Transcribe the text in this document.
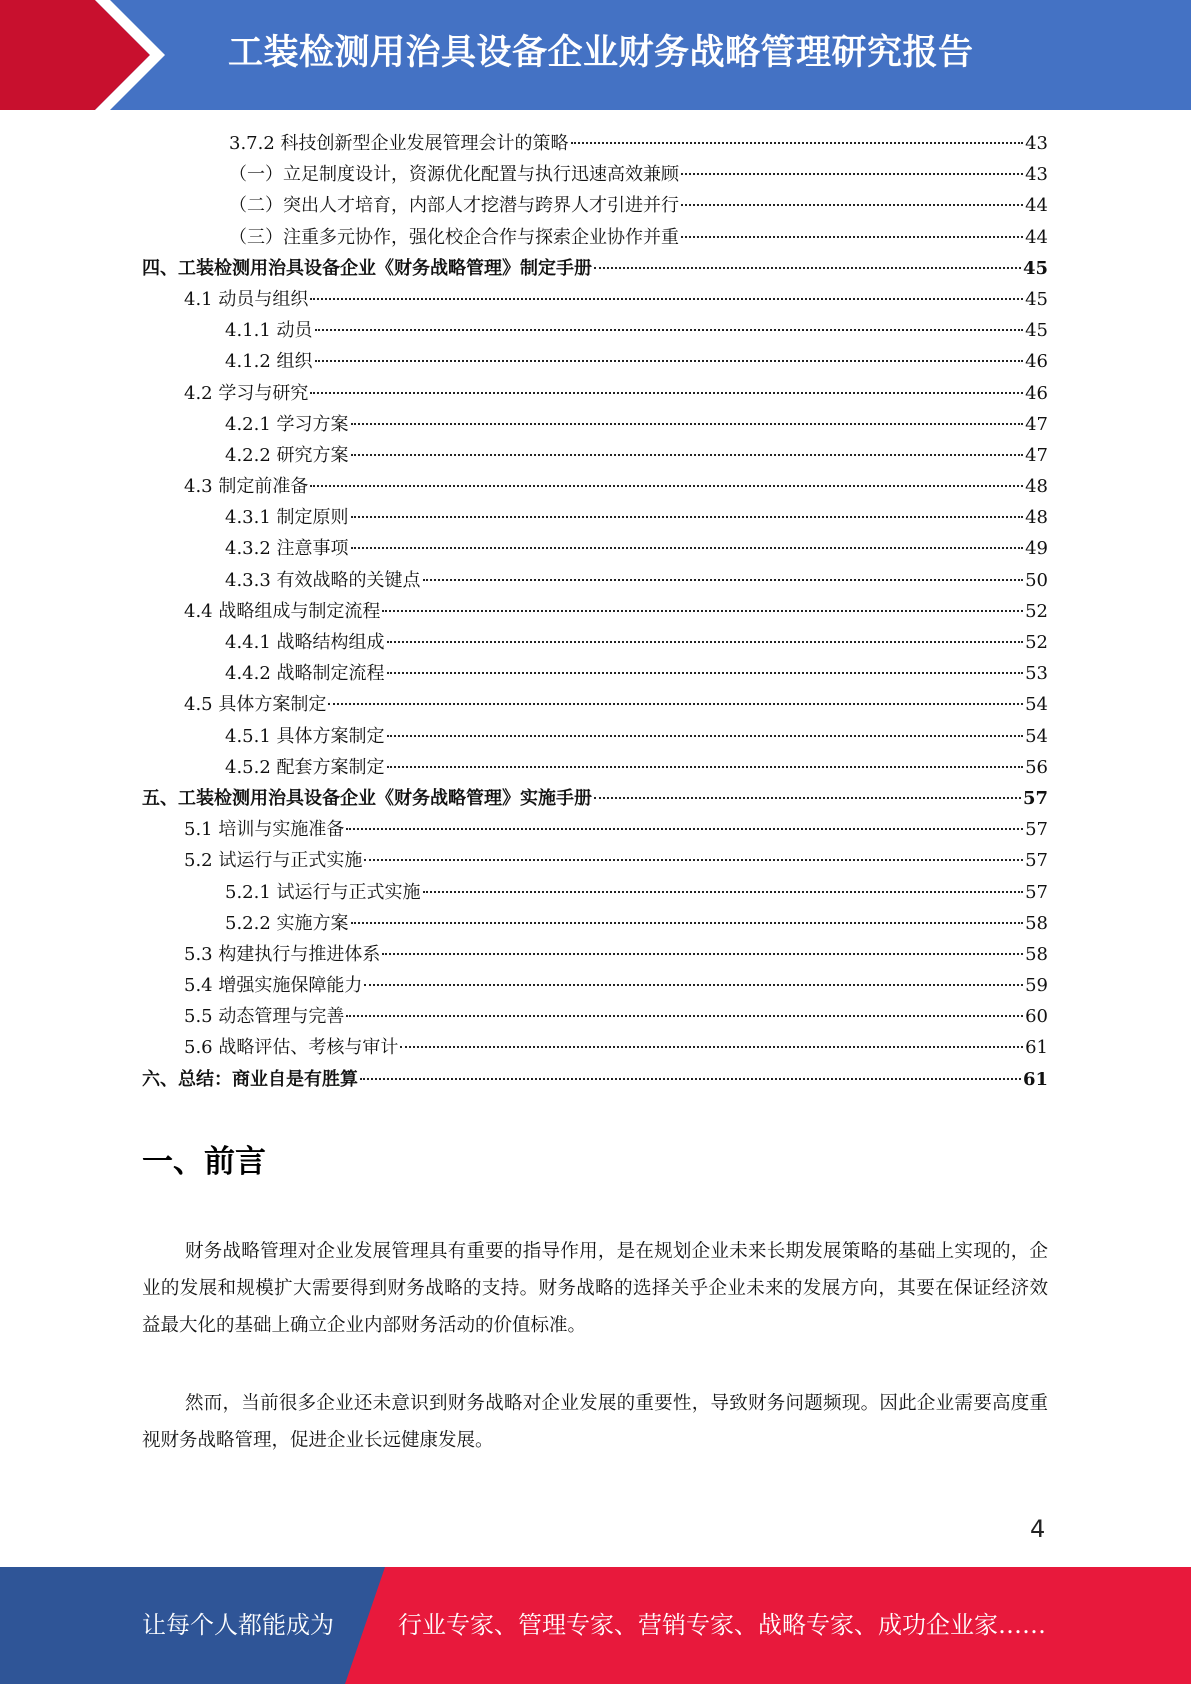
工装检测用治具设备企业财务战略管理研究报告
3.7.2 科技创新型企业发展管理会计的策略	43
（一）立足制度设计，资源优化配置与执行迅速高效兼顾	43
（二）突出人才培育，内部人才挖潜与跨界人才引进并行	44
（三）注重多元协作，强化校企合作与探索企业协作并重	44
四、工装检测用治具设备企业《财务战略管理》制定手册	45
4.1 动员与组织	45
4.1.1 动员	45
4.1.2 组织	46
4.2 学习与研究	46
4.2.1 学习方案	47
4.2.2 研究方案	47
4.3 制定前准备	48
4.3.1 制定原则	48
4.3.2 注意事项	49
4.3.3 有效战略的关键点	50
4.4 战略组成与制定流程	52
4.4.1 战略结构组成	52
4.4.2 战略制定流程	53
4.5 具体方案制定	54
4.5.1 具体方案制定	54
4.5.2 配套方案制定	56
五、工装检测用治具设备企业《财务战略管理》实施手册	57
5.1 培训与实施准备	57
5.2 试运行与正式实施	57
5.2.1 试运行与正式实施	57
5.2.2 实施方案	58
5.3 构建执行与推进体系	58
5.4 增强实施保障能力	59
5.5 动态管理与完善	60
5.6 战略评估、考核与审计	61
六、总结：商业自是有胜算	61
一、前言

财务战略管理对企业发展管理具有重要的指导作用，是在规划企业未来长期发展策略的基础上实现的，企业的发展和规模扩大需要得到财务战略的支持。财务战略的选择关乎企业未来的发展方向，其要在保证经济效益最大化的基础上确立企业内部财务活动的价值标准。

然而，当前很多企业还未意识到财务战略对企业发展的重要性，导致财务问题频现。因此企业需要高度重视财务战略管理，促进企业长远健康发展。

4
让每个人都能成为	行业专家、管理专家、营销专家、战略专家、成功企业家……
